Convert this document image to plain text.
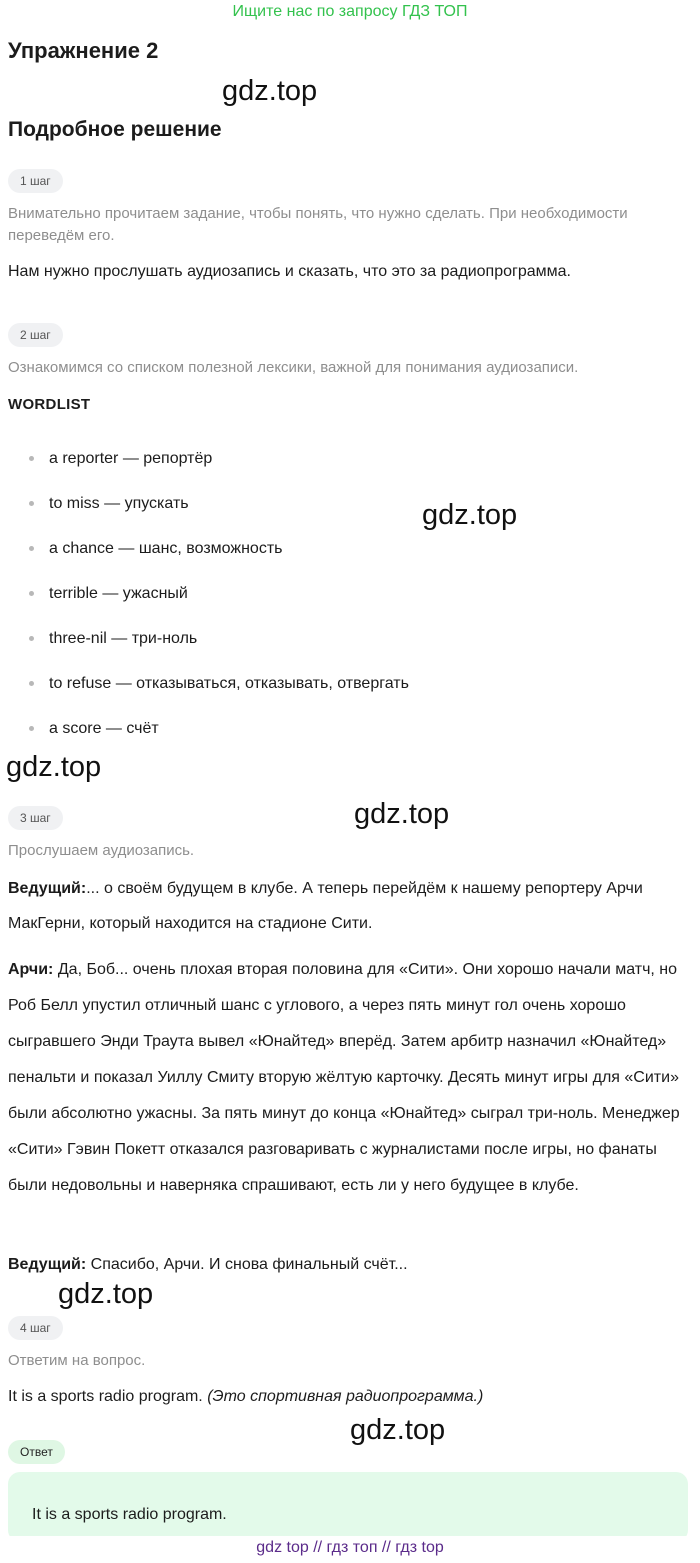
Ищите нас по запросу ГДЗ ТОП
Упражнение 2
gdz.top
Подробное решение
1 шаг
Внимательно прочитаем задание, чтобы понять, что нужно сделать. При необходимости переведём его.
Нам нужно прослушать аудиозапись и сказать, что это за радиопрограмма.
2 шаг
Ознакомимся со списком полезной лексики, важной для понимания аудиозаписи.
WORDLIST
a reporter — репортёр
to miss — упускать
a chance — шанс, возможность
terrible — ужасный
three-nil — три-ноль
to refuse — отказываться, отказывать, отвергать
a score — счёт
gdz.top
gdz.top
gdz.top
3 шаг
Прослушаем аудиозапись.
Ведущий:... о своём будущем в клубе. А теперь перейдём к нашему репортеру Арчи МакГерни, который находится на стадионе Сити.
Арчи: Да, Боб... очень плохая вторая половина для «Сити». Они хорошо начали матч, но Роб Белл упустил отличный шанс с углового, а через пять минут гол очень хорошо сыгравшего Энди Траута вывел «Юнайтед» вперёд. Затем арбитр назначил «Юнайтед» пенальти и показал Уиллу Смиту вторую жёлтую карточку. Десять минут игры для «Сити» были абсолютно ужасны. За пять минут до конца «Юнайтед» сыграл три-ноль. Менеджер «Сити» Гэвин Покетт отказался разговаривать с журналистами после игры, но фанаты были недовольны и наверняка спрашивают, есть ли у него будущее в клубе.
Ведущий: Спасибо, Арчи. И снова финальный счёт...
gdz.top
4 шаг
Ответим на вопрос.
It is a sports radio program. (Это спортивная радиопрограмма.)
gdz.top
Ответ
It is a sports radio program.
gdz top // гдз топ // гдз top
